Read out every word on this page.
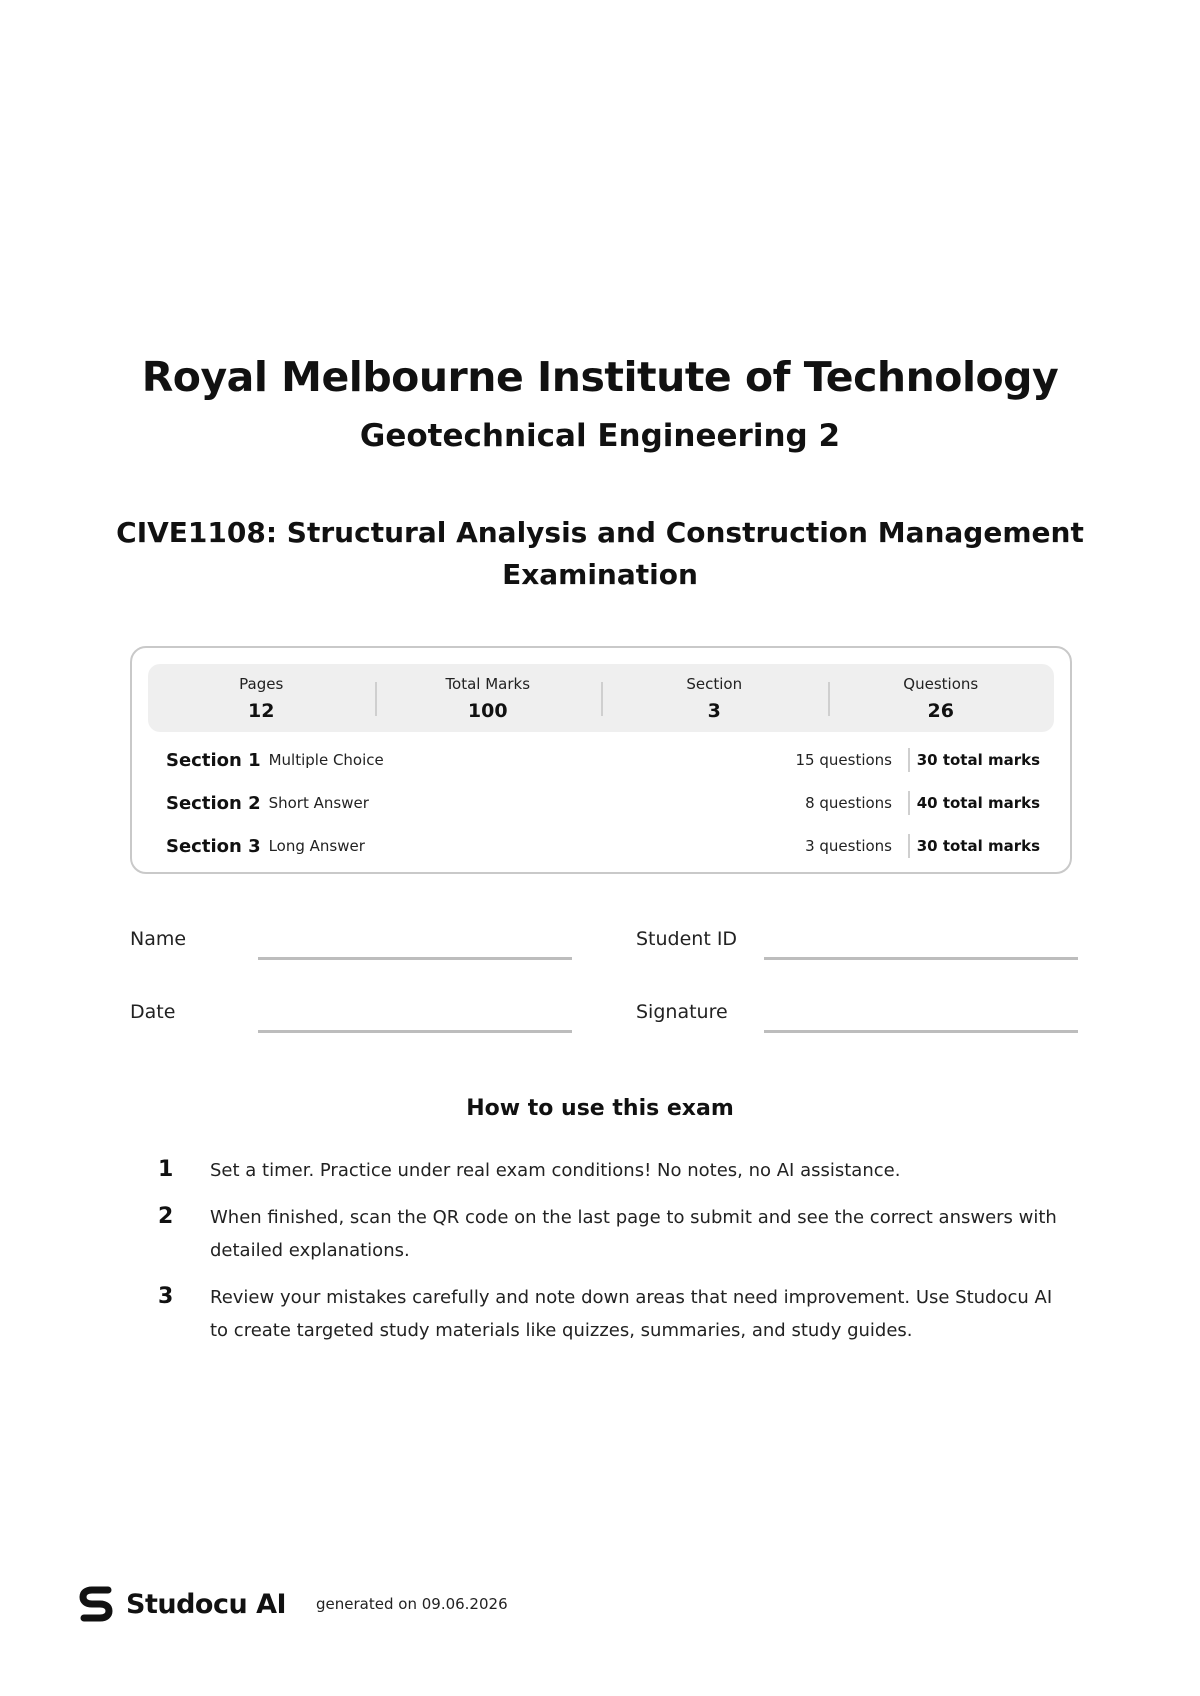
Royal Melbourne Institute of Technology
Geotechnical Engineering 2
CIVE1108: Structural Analysis and Construction Management
Examination
Pages
12
Total Marks
100
Section
3
Questions
26
Section 1 Multiple Choice	15 questions	30 total marks
Section 2 Short Answer	8 questions	40 total marks
Section 3 Long Answer	3 questions	30 total marks
Name	Student ID
Date	Signature
How to use this exam
1	Set a timer. Practice under real exam conditions! No notes, no AI assistance.
2	When finished, scan the QR code on the last page to submit and see the correct answers with detailed explanations.
3	Review your mistakes carefully and note down areas that need improvement. Use Studocu AI to create targeted study materials like quizzes, summaries, and study guides.
Studocu AI generated on 09.06.2026
